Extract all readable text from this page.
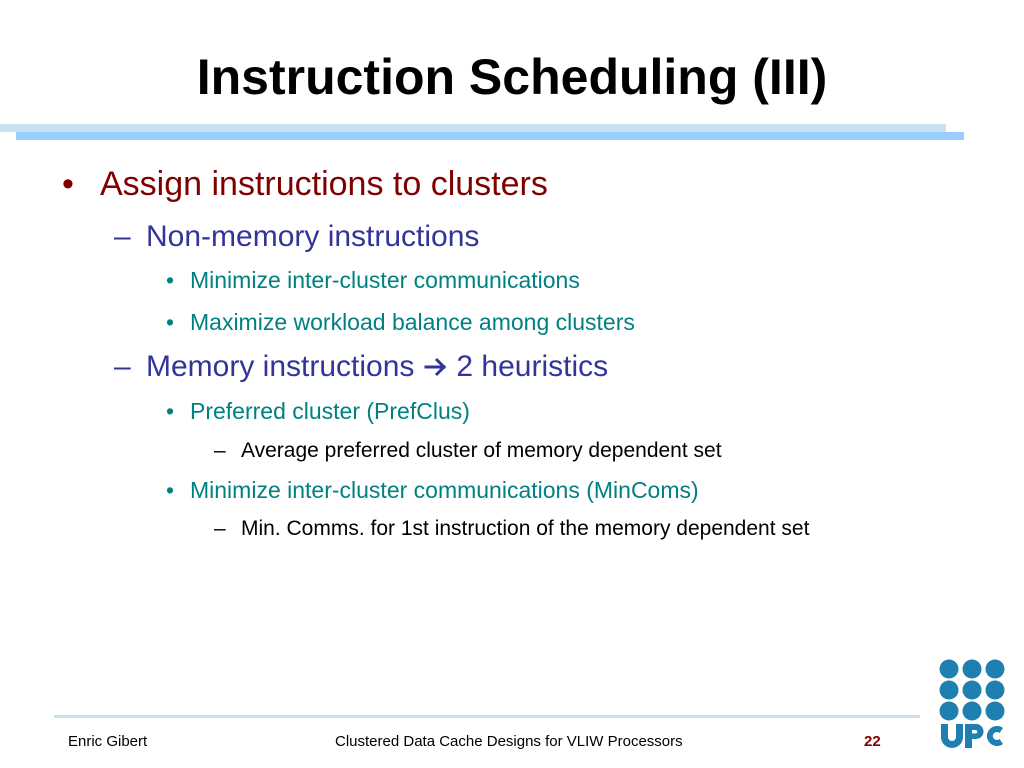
Instruction Scheduling (III)
• Assign instructions to clusters
– Non-memory instructions
• Minimize inter-cluster communications
• Maximize workload balance among clusters
– Memory instructions 2 heuristics
• Preferred cluster (PrefClus)
– Average preferred cluster of memory dependent set
• Minimize inter-cluster communications (MinComs)
– Min. Comms. for 1st instruction of the memory dependent set
Enric Gibert	Clustered Data Cache Designs for VLIW Processors	22
